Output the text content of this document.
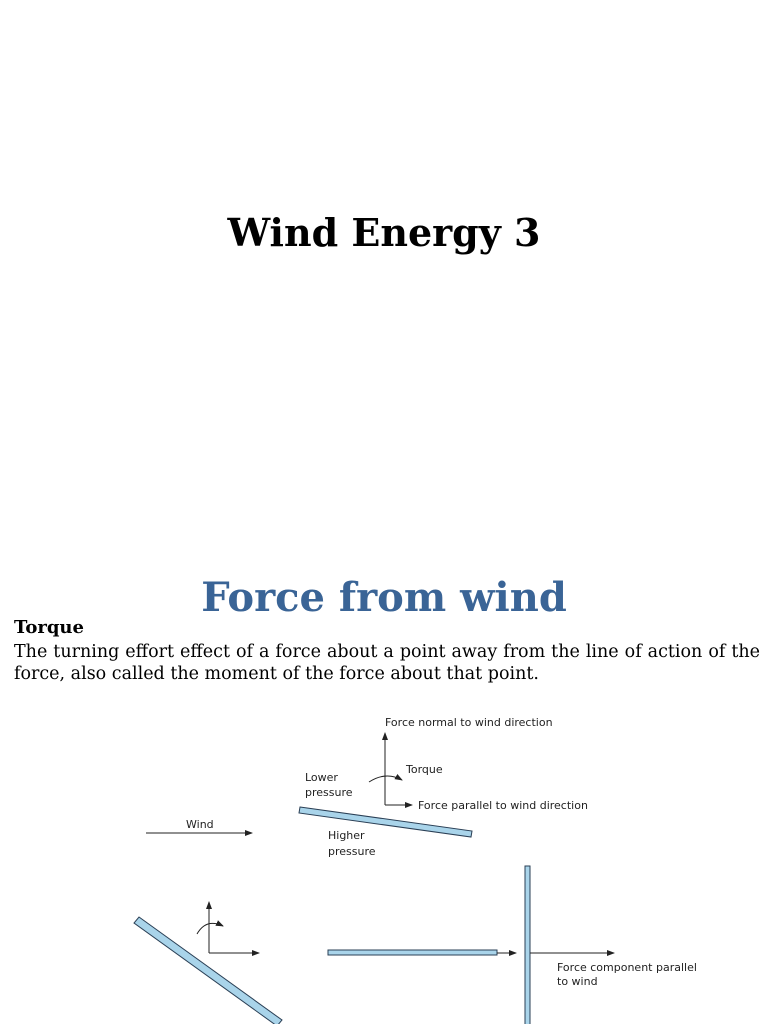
Wind Energy 3
Force from wind
Torque
The turning effort effect of a force about a point away from the line of action of the force, also called the moment of the force about that point.
Force normal to wind direction
Force parallel to wind direction
Torque
Lower
pressure
Higher
pressure
Wind
Force component parallel
to wind
